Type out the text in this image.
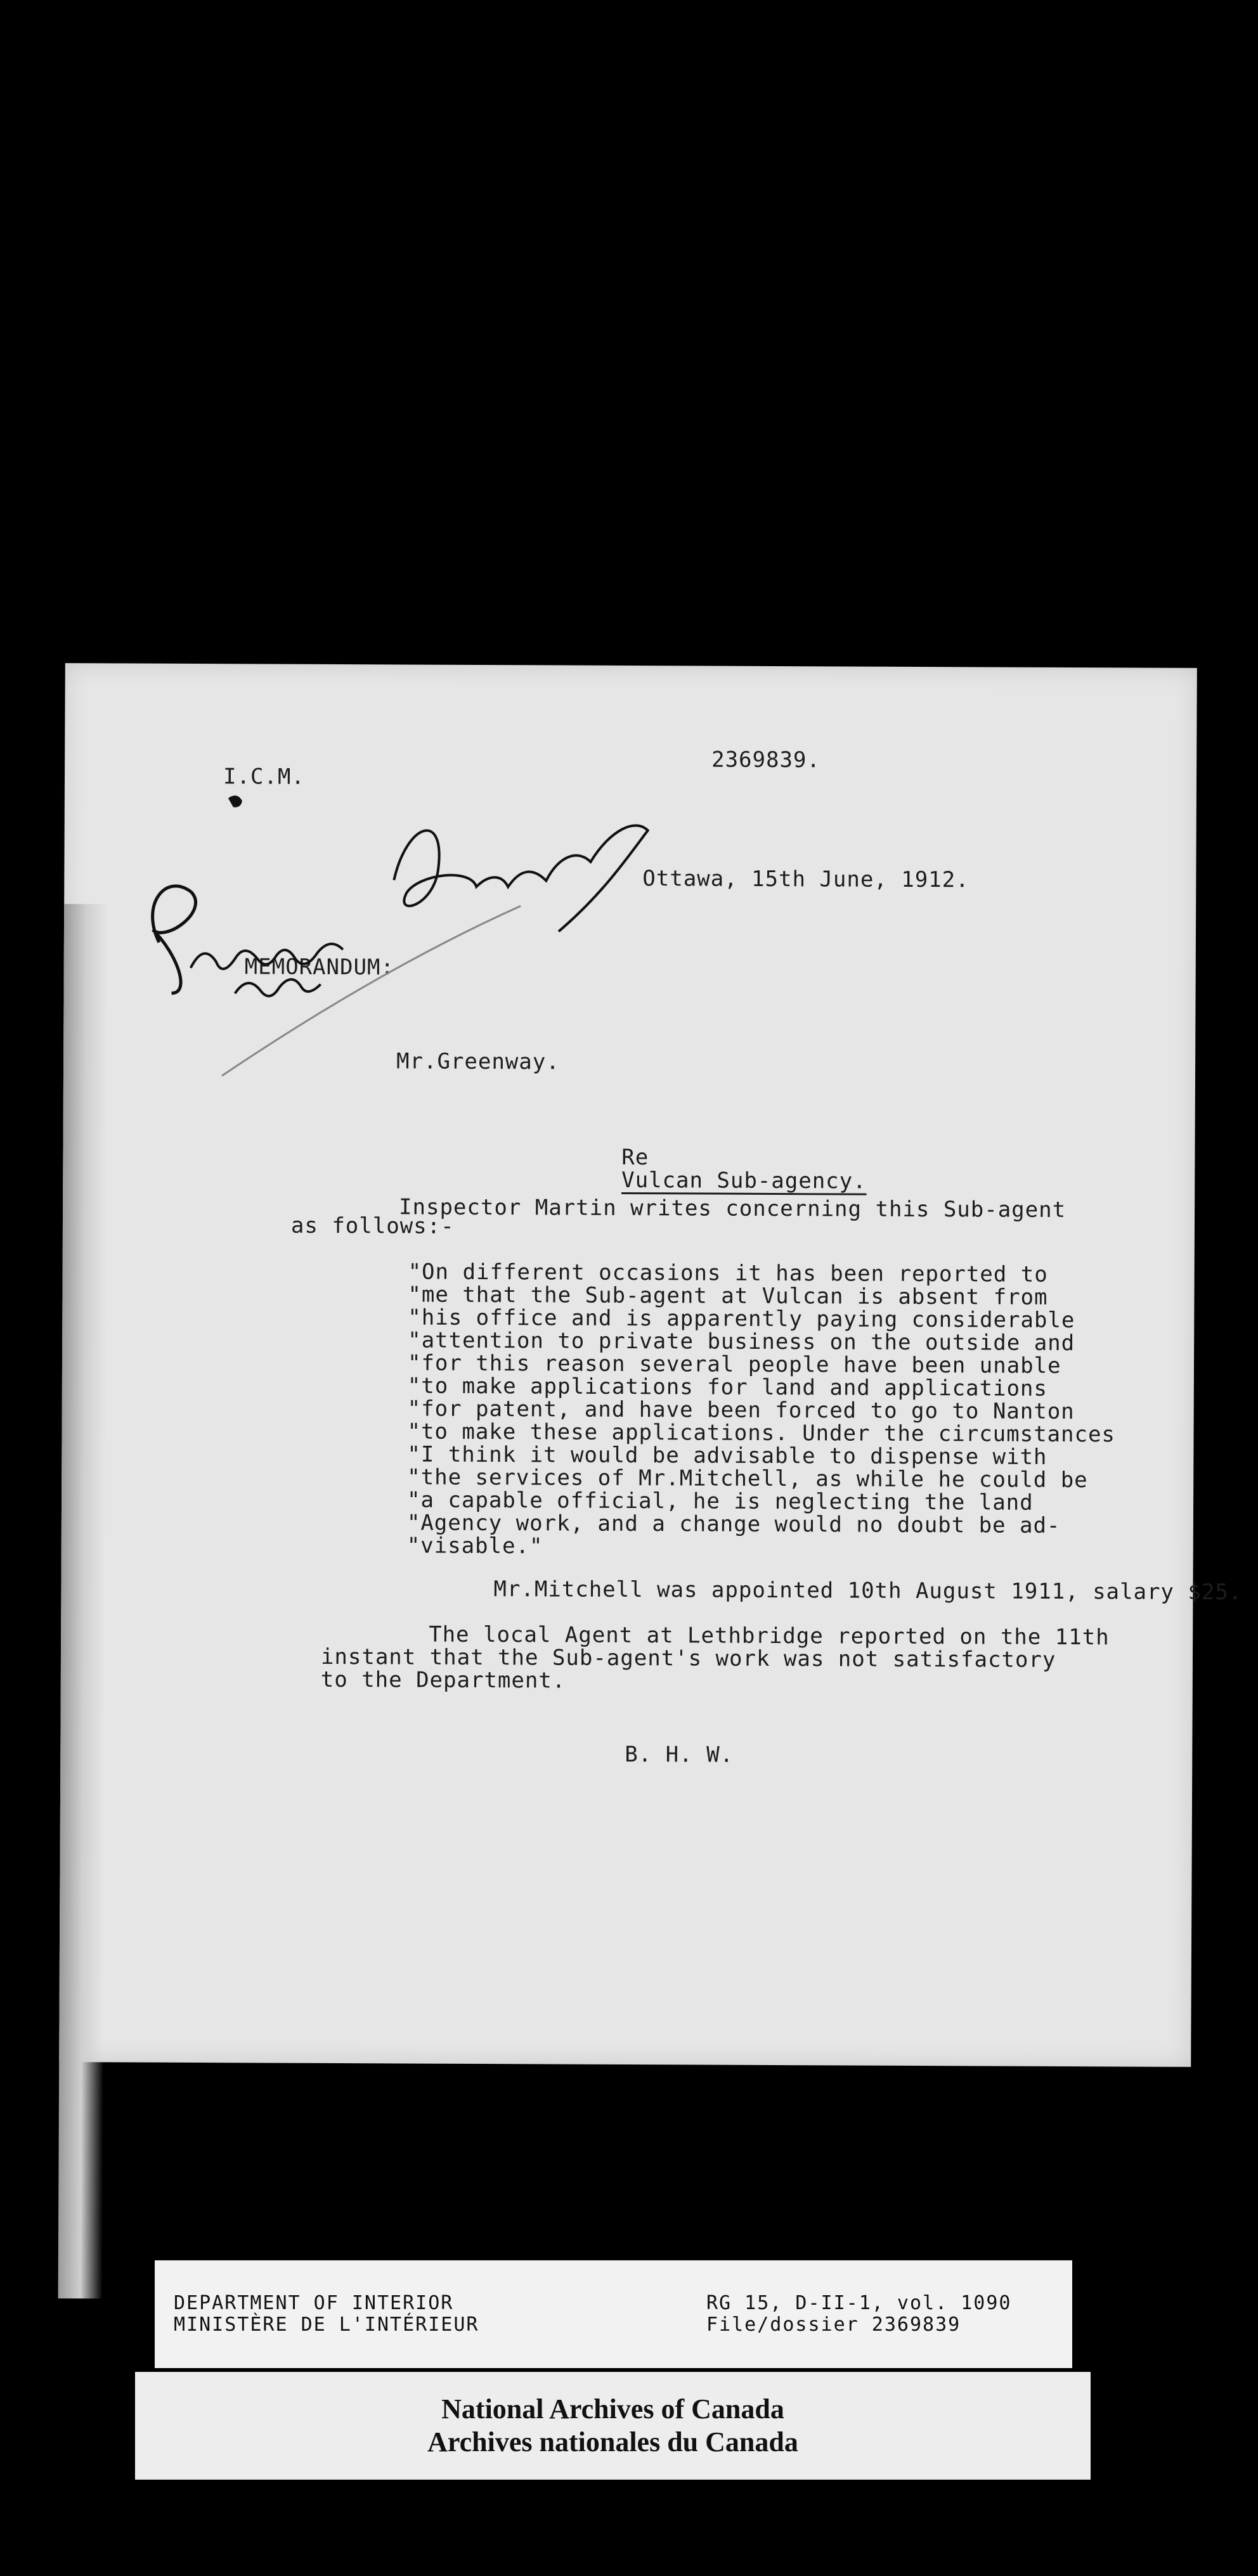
I.C.M.
2369839.
Ottawa, 15th June, 1912.
MEMORANDUM:
Mr.Greenway.

Re
Vulcan Sub-agency.

Inspector Martin writes concerning this Sub-agent

as follows:-

"On different occasions it has been reported to

"me that the Sub-agent at Vulcan is absent from

"his office and is apparently paying considerable

"attention to private business on the outside and

"for this reason several people have been unable

"to make applications for land and applications

"for patent, and have been forced to go to Nanton

"to make these applications. Under the circumstances

"I think it would be advisable to dispense with

"the services of Mr.Mitchell, as while he could be

"a capable official, he is neglecting the land

"Agency work, and a change would no doubt be ad-

"visable."

Mr.Mitchell was appointed 10th August 1911, salary $25.

The local Agent at Lethbridge reported on the 11th

instant that the Sub-agent's work was not satisfactory

to the Department.

B. H. W.
DEPARTMENT OF INTERIOR
MINISTÈRE DE L'INTÉRIEUR
RG 15, D-II-1, vol. 1090
File/dossier 2369839
National Archives of Canada
Archives nationales du Canada
